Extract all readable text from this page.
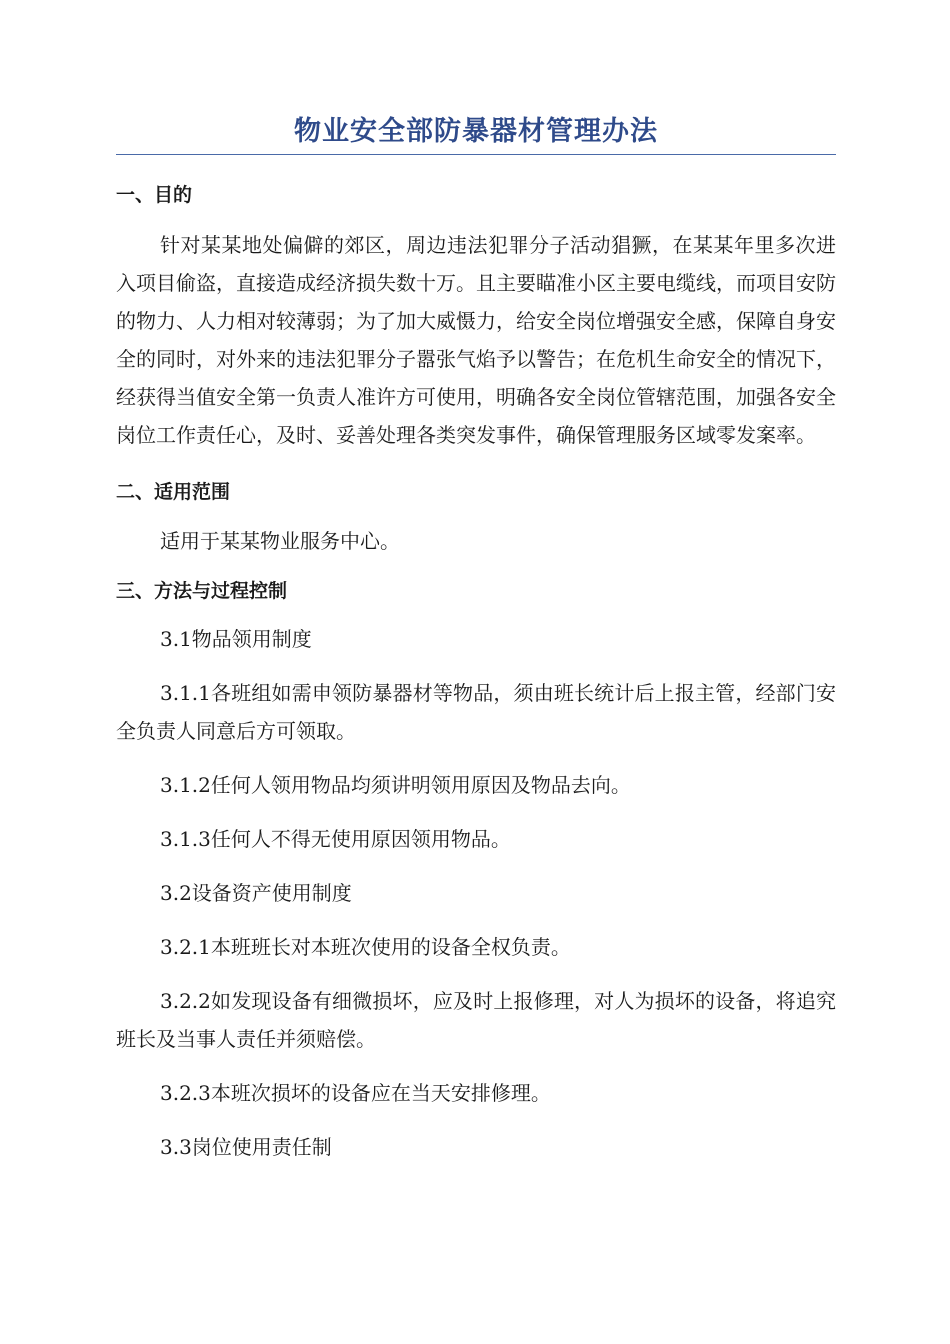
物业安全部防暴器材管理办法
一、目的

针对某某地处偏僻的郊区，周边违法犯罪分子活动猖獗，在某某年里多次进入项目偷盗，直接造成经济损失数十万。且主要瞄准小区主要电缆线，而项目安防的物力、人力相对较薄弱；为了加大威慑力，给安全岗位增强安全感，保障自身安全的同时，对外来的违法犯罪分子嚣张气焰予以警告；在危机生命安全的情况下，经获得当值安全第一负责人准许方可使用，明确各安全岗位管辖范围，加强各安全岗位工作责任心，及时、妥善处理各类突发事件，确保管理服务区域零发案率。

二、适用范围

适用于某某物业服务中心。

三、方法与过程控制

3.1物品领用制度

3.1.1各班组如需申领防暴器材等物品，须由班长统计后上报主管，经部门安全负责人同意后方可领取。

3.1.2任何人领用物品均须讲明领用原因及物品去向。

3.1.3任何人不得无使用原因领用物品。

3.2设备资产使用制度

3.2.1本班班长对本班次使用的设备全权负责。

3.2.2如发现设备有细微损坏，应及时上报修理，对人为损坏的设备，将追究班长及当事人责任并须赔偿。

3.2.3本班次损坏的设备应在当天安排修理。

3.3岗位使用责任制
